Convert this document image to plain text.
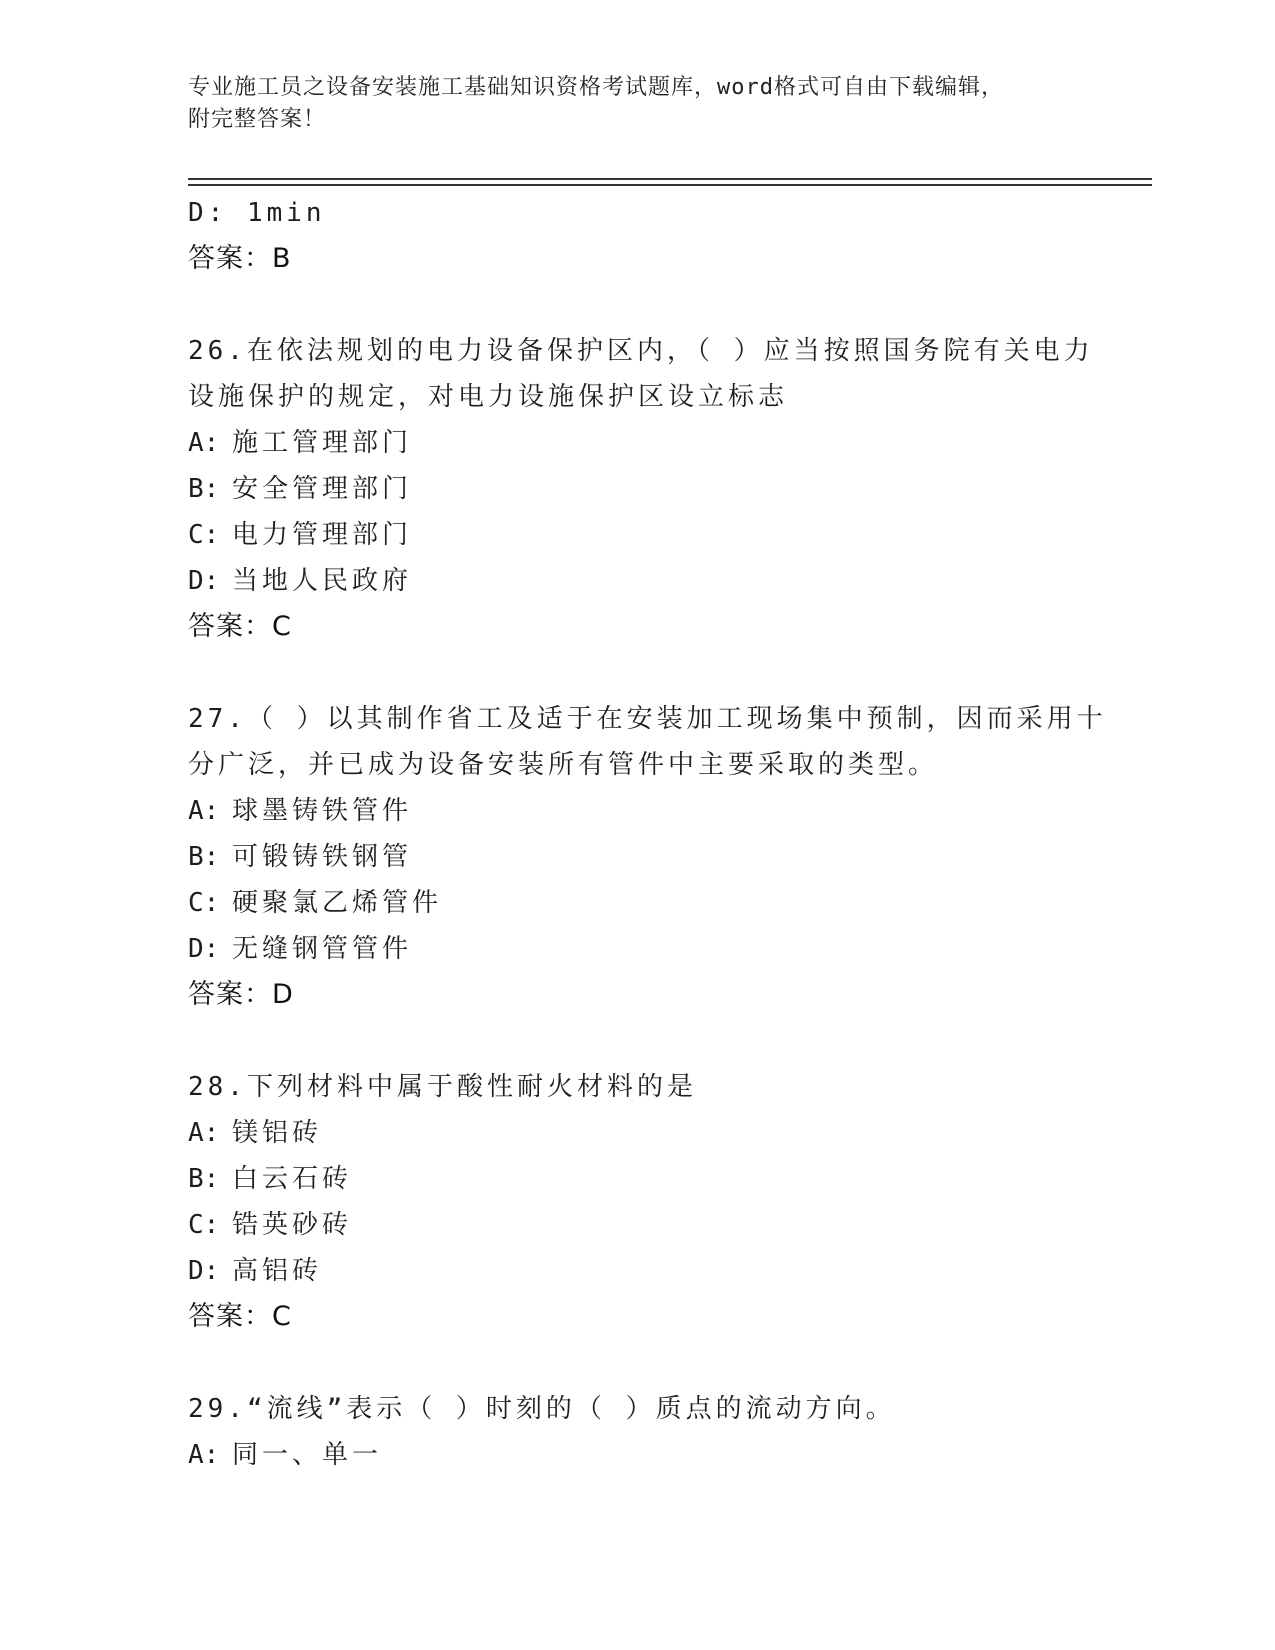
专业施工员之设备安装施工基础知识资格考试题库，word格式可自由下载编辑，
附完整答案！
D: 1min
答案：B
26.在依法规划的电力设备保护区内，（ ）应当按照国务院有关电力
设施保护的规定，对电力设施保护区设立标志
A: 施工管理部门
B: 安全管理部门
C: 电力管理部门
D: 当地人民政府
答案：C
27.（ ）以其制作省工及适于在安装加工现场集中预制，因而采用十
分广泛，并已成为设备安装所有管件中主要采取的类型。
A: 球墨铸铁管件
B: 可锻铸铁钢管
C: 硬聚氯乙烯管件
D: 无缝钢管管件
答案：D
28.下列材料中属于酸性耐火材料的是
A: 镁铝砖
B: 白云石砖
C: 锆英砂砖
D: 高铝砖
答案：C
29.“流线”表示（ ）时刻的（ ）质点的流动方向。
A: 同一、单一
